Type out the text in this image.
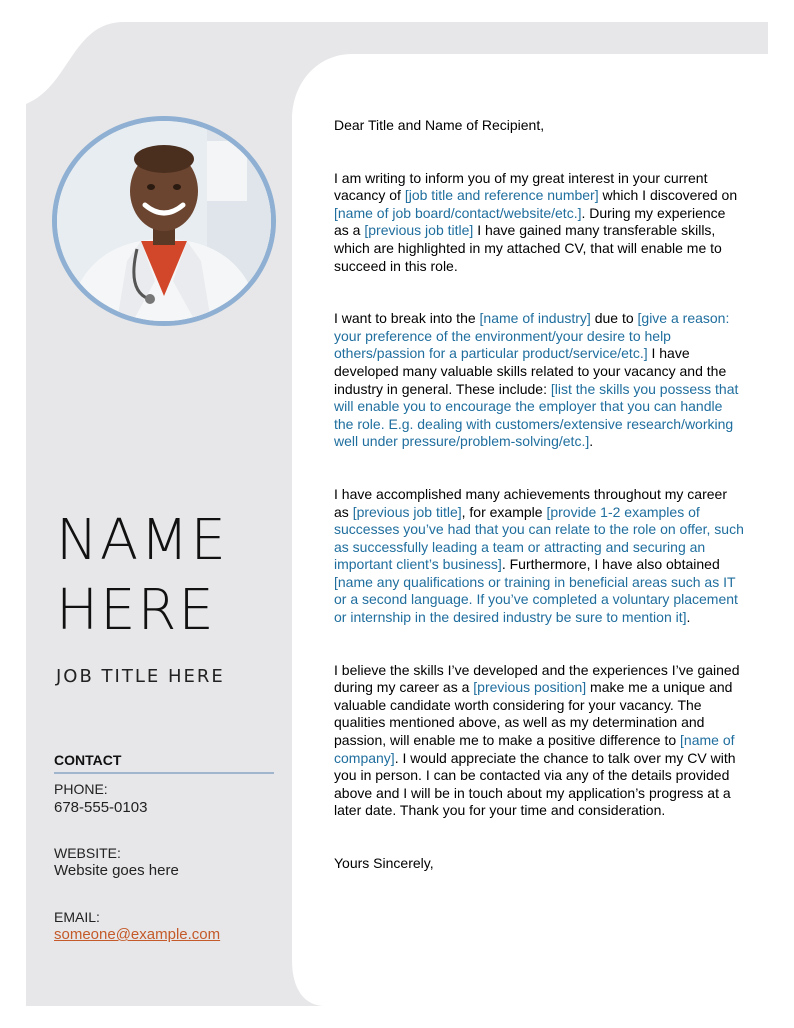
NAME
HERE

JOB TITLE HERE

CONTACT
PHONE:
678-555-0103
WEBSITE:
Website goes here
EMAIL:
someone@example.com

Dear Title and Name of Recipient,

I am writing to inform you of my great interest in your current vacancy of [job title and reference number] which I discovered on [name of job board/contact/website/etc.]. During my experience as a [previous job title] I have gained many transferable skills, which are highlighted in my attached CV, that will enable me to succeed in this role.

I want to break into the [name of industry] due to [give a reason: your preference of the environment/your desire to help others/passion for a particular product/service/etc.] I have developed many valuable skills related to your vacancy and the industry in general. These include: [list the skills you possess that will enable you to encourage the employer that you can handle the role. E.g. dealing with customers/extensive research/working well under pressure/problem-solving/etc.].

I have accomplished many achievements throughout my career as [previous job title], for example [provide 1-2 examples of successes you’ve had that you can relate to the role on offer, such as successfully leading a team or attracting and securing an important client’s business]. Furthermore, I have also obtained [name any qualifications or training in beneficial areas such as IT or a second language. If you’ve completed a voluntary placement or internship in the desired industry be sure to mention it].

I believe the skills I’ve developed and the experiences I’ve gained during my career as a [previous position] make me a unique and valuable candidate worth considering for your vacancy. The qualities mentioned above, as well as my determination and passion, will enable me to make a positive difference to [name of company]. I would appreciate the chance to talk over my CV with you in person. I can be contacted via any of the details provided above and I will be in touch about my application’s progress at a later date. Thank you for your time and consideration.

Yours Sincerely,
